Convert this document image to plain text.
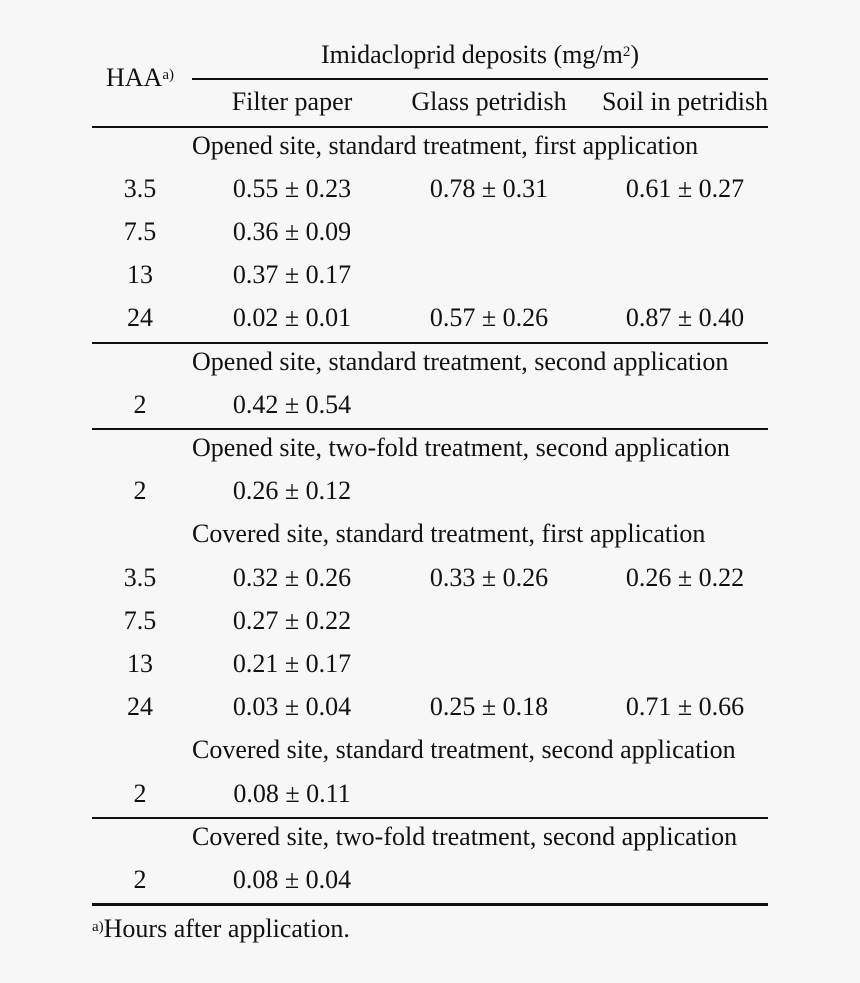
HAA$^{a)}$
Imidacloprid deposits $(mg/m^2)$
Filter paper	Glass petridish	Soil in petridish
Opened site, standard treatment, first application
3.5	0.55 ± 0.23	0.78 ± 0.31	0.61 ± 0.27
7.5	0.36 ± 0.09
13	0.37 ± 0.17
24	0.02 ± 0.01	0.57 ± 0.26	0.87 ± 0.40
Opened site, standard treatment, second application
2	0.42 ± 0.54
Opened site, two-fold treatment, second application
2	0.26 ± 0.12
Covered site, standard treatment, first application
3.5	0.32 ± 0.26	0.33 ± 0.26	0.26 ± 0.22
7.5	0.27 ± 0.22
13	0.21 ± 0.17
24	0.03 ± 0.04	0.25 ± 0.18	0.71 ± 0.66
Covered site, standard treatment, second application
2	0.08 ± 0.11
Covered site, two-fold treatment, second application
2	0.08 ± 0.04
$^{a)}$Hours after application.
